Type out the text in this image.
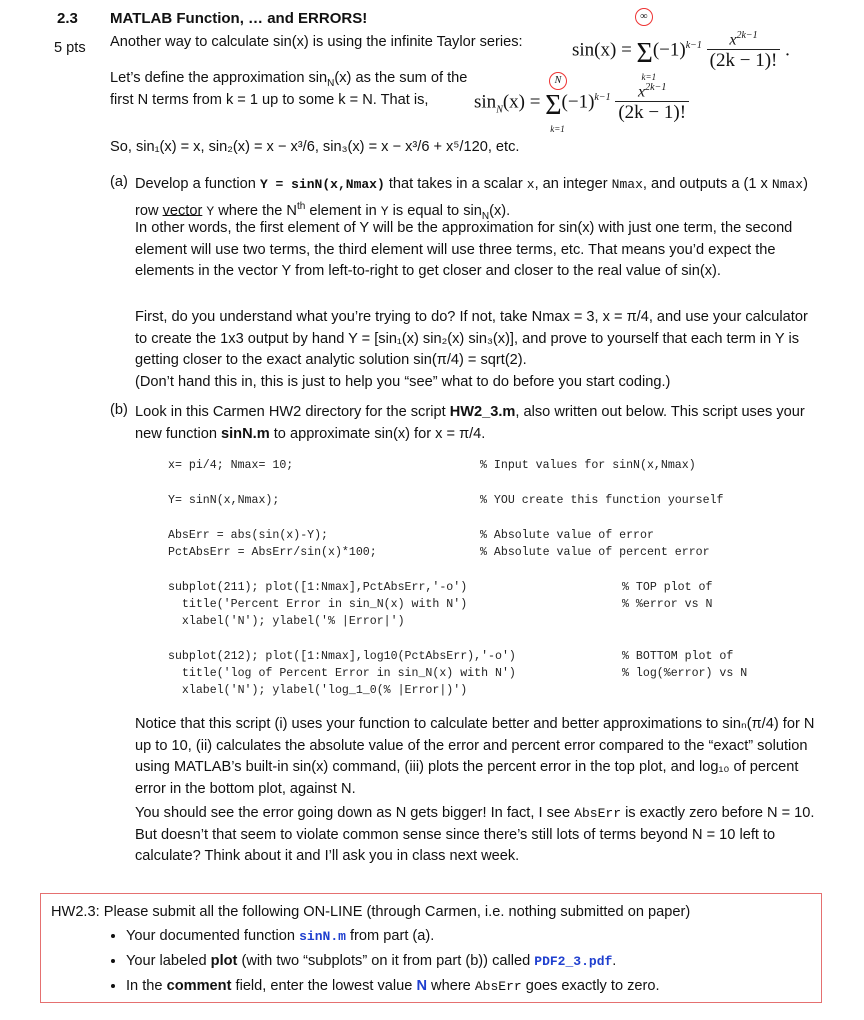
2.3 MATLAB Function, … and ERRORS!
5 pts Another way to calculate sin(x) is using the infinite Taylor series:	sin(x) = Σ
k=1
$(-1)^{k-1} \frac{x^{2k-1}}{(2k - 1)!}$ .
∞
Let’s define the approximation $\sin_N(x)$ as the sum of the
first N terms from k = 1 up to some k = N. That is, $\sin_N(x) = \Sigma$
k=1
$(-1)^{k-1} \frac{x^{2k-1}}{(2k - 1)!}$
N
So, sin₁(x) = x, sin₂(x) = x − x³/6, sin₃(x) = x − x³/6 + x⁵/120, etc.
(a) Develop a function Y = sinN(x,Nmax) that takes in a scalar x, an integer Nmax, and outputs a (1 x Nmax) row vector Y where the $N^{th}$ element in Y is equal to $\sin_N(x)$.
In other words, the first element of Y will be the approximation for sin(x) with just one term, the second element will use two terms, the third element will use three terms, etc. That means you’d expect the elements in the vector Y from left-to-right to get closer and closer to the real value of sin(x).
First, do you understand what you’re trying to do? If not, take Nmax = 3, x = π/4, and use your calculator to create the 1x3 output by hand Y = [sin₁(x) sin₂(x) sin₃(x)], and prove to yourself that each term in Y is getting closer to the exact analytic solution sin(π/4) = sqrt(2).
(Don’t hand this in, this is just to help you “see” what to do before you start coding.)
(b) Look in this Carmen HW2 directory for the script HW2_3.m, also written out below. This script uses your new function sinN.m to approximate sin(x) for x = π/4.
x= pi/4; Nmax= 10;	% Input values for sinN(x,Nmax)
Y= sinN(x,Nmax);	% YOU create this function yourself
AbsErr = abs(sin(x)-Y);	% Absolute value of error
PctAbsErr = AbsErr/sin(x)*100;	% Absolute value of percent error
subplot(211); plot([1:Nmax],PctAbsErr,'-o')	% TOP plot of
title('Percent Error in sin_N(x) with N')	% %error vs N
xlabel('N'); ylabel('% |Error|')
subplot(212); plot([1:Nmax],log10(PctAbsErr),'-o')	% BOTTOM plot of
title('log of Percent Error in sin_N(x) with N')	% log(%error) vs N
xlabel('N'); ylabel('log_1_0(% |Error|)')
Notice that this script (i) uses your function to calculate better and better approximations to sinₙ(π/4) for N up to 10, (ii) calculates the absolute value of the error and percent error compared to the “exact” solution using MATLAB’s built-in sin(x) command, (iii) plots the percent error in the top plot, and log₁₀ of percent error in the bottom plot, against N.
You should see the error going down as N gets bigger! In fact, I see AbsErr is exactly zero before N = 10. But doesn’t that seem to violate common sense since there’s still lots of terms beyond N = 10 left to calculate? Think about it and I’ll ask you in class next week.
HW2.3: Please submit all the following ON-LINE (through Carmen, i.e. nothing submitted on paper)
• Your documented function sinN.m from part (a).
• Your labeled plot (with two “subplots” on it from part (b)) called PDF2_3.pdf.
• In the comment field, enter the lowest value N where AbsErr goes exactly to zero.
